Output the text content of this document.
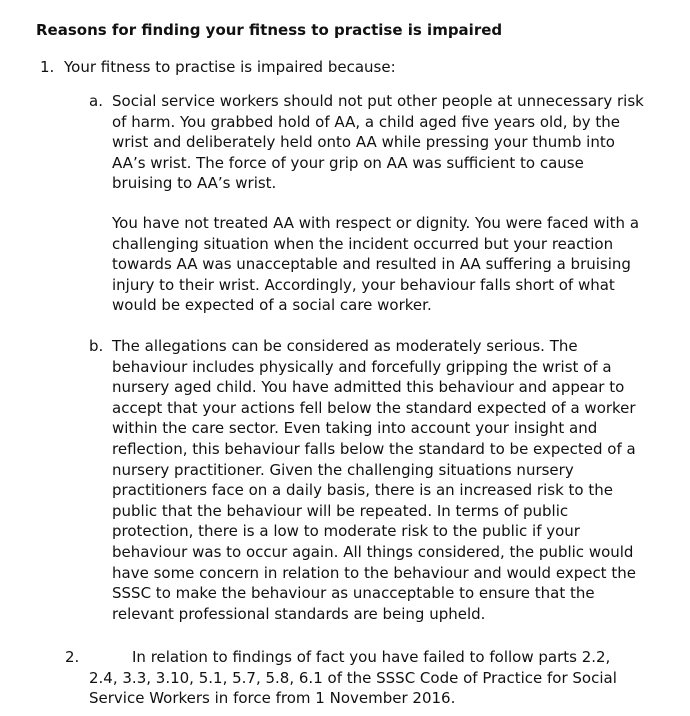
Reasons for finding your fitness to practise is impaired
1. Your fitness to practise is impaired because:
a. Social service workers should not put other people at unnecessary risk
of harm. You grabbed hold of AA, a child aged five years old, by the
wrist and deliberately held onto AA while pressing your thumb into
AA’s wrist. The force of your grip on AA was sufficient to cause
bruising to AA’s wrist.
You have not treated AA with respect or dignity. You were faced with a
challenging situation when the incident occurred but your reaction
towards AA was unacceptable and resulted in AA suffering a bruising
injury to their wrist. Accordingly, your behaviour falls short of what
would be expected of a social care worker.
b. The allegations can be considered as moderately serious. The
behaviour includes physically and forcefully gripping the wrist of a
nursery aged child. You have admitted this behaviour and appear to
accept that your actions fell below the standard expected of a worker
within the care sector. Even taking into account your insight and
reflection, this behaviour falls below the standard to be expected of a
nursery practitioner. Given the challenging situations nursery
practitioners face on a daily basis, there is an increased risk to the
public that the behaviour will be repeated. In terms of public
protection, there is a low to moderate risk to the public if your
behaviour was to occur again. All things considered, the public would
have some concern in relation to the behaviour and would expect the
SSSC to make the behaviour as unacceptable to ensure that the
relevant professional standards are being upheld.
2.	In relation to findings of fact you have failed to follow parts 2.2,
2.4, 3.3, 3.10, 5.1, 5.7, 5.8, 6.1 of the SSSC Code of Practice for Social
Service Workers in force from 1 November 2016.
